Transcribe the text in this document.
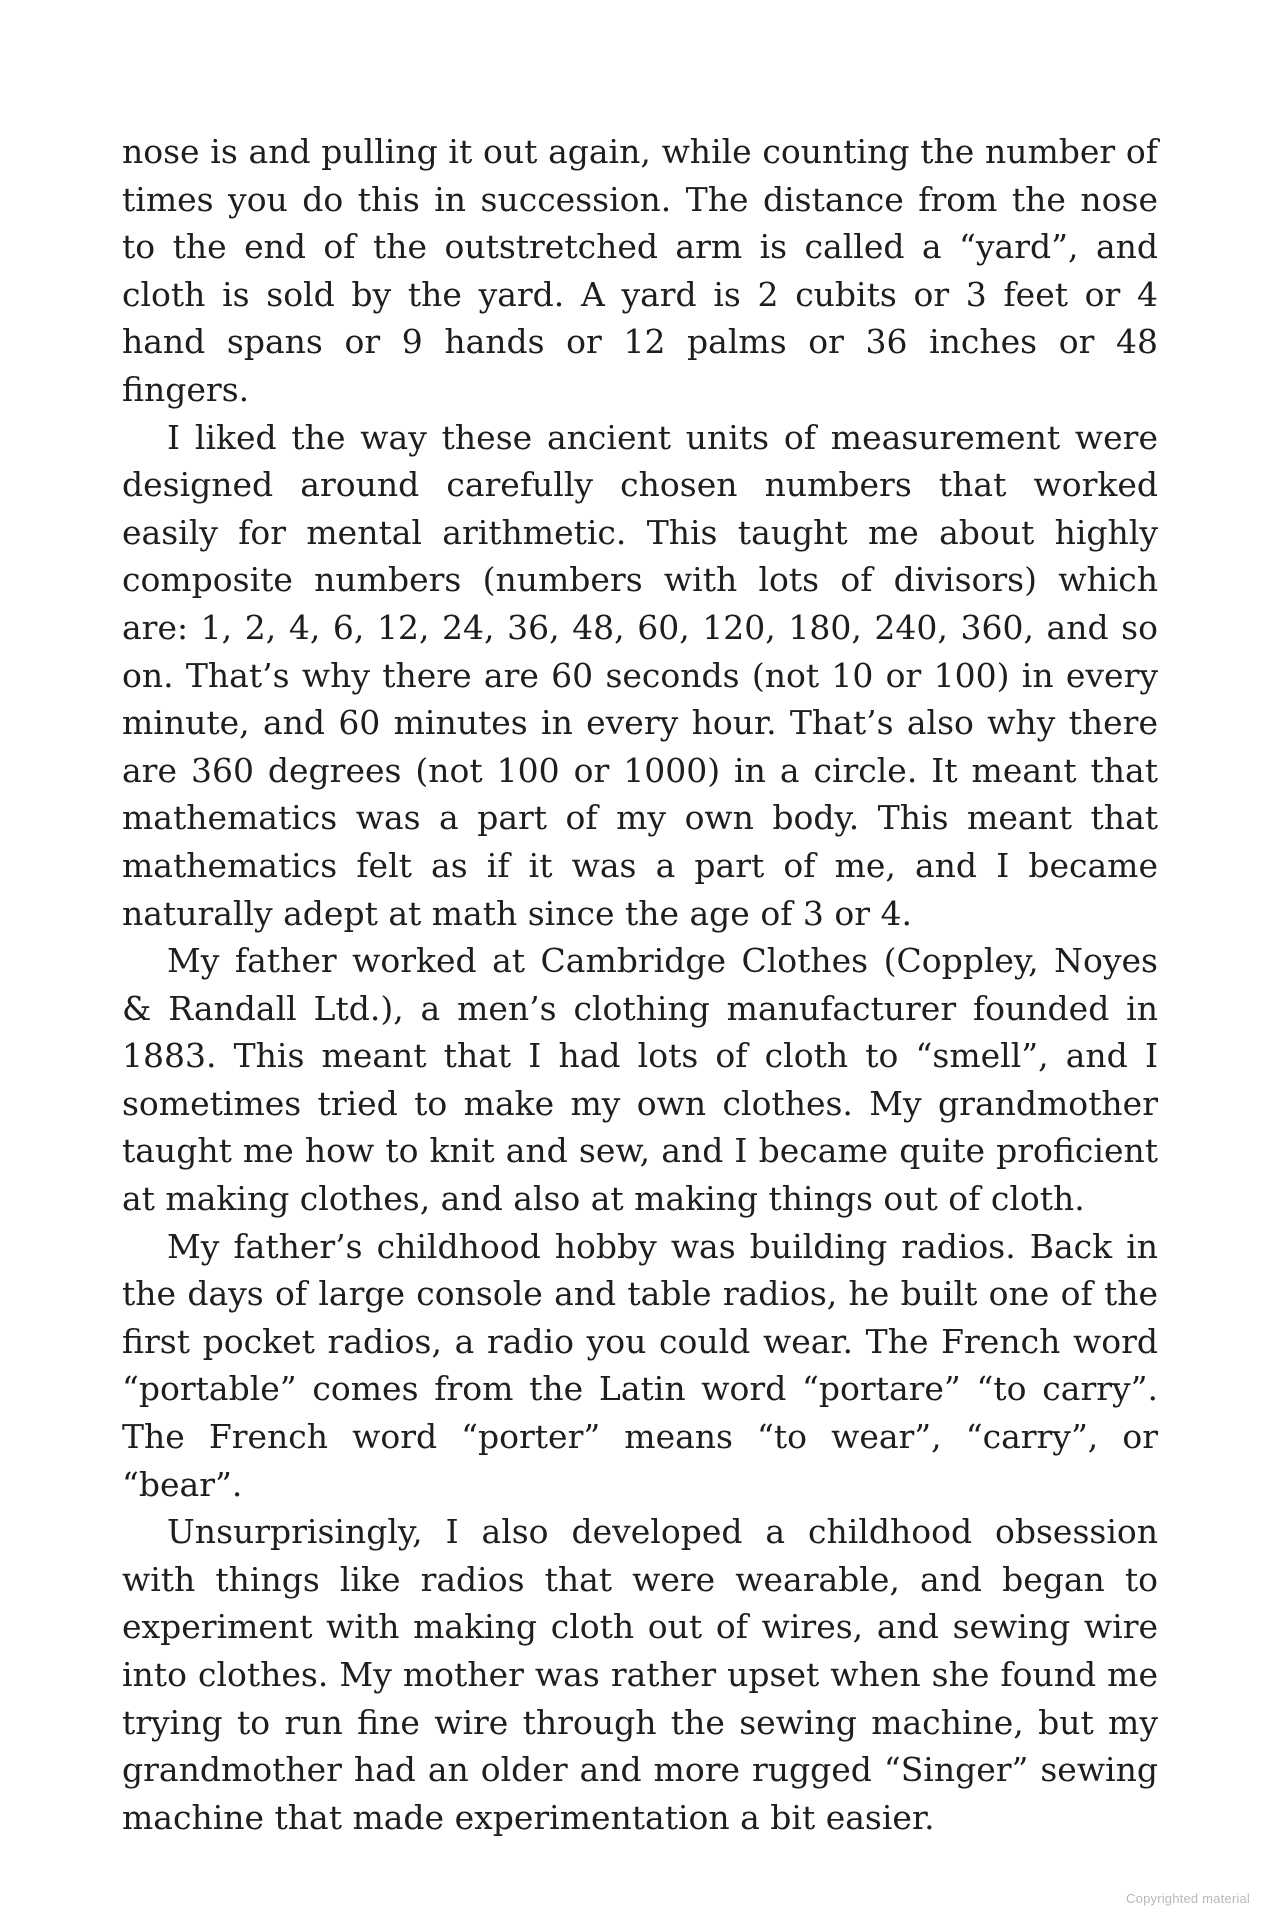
nose is and pulling it out again, while counting the number of times you do this in succession. The distance from the nose to the end of the outstretched arm is called a “yard”, and cloth is sold by the yard. A yard is 2 cubits or 3 feet or 4 hand spans or 9 hands or 12 palms or 36 inches or 48 fingers.

I liked the way these ancient units of measurement were designed around carefully chosen numbers that worked easily for mental arithmetic. This taught me about highly composite numbers (numbers with lots of divisors) which are: 1, 2, 4, 6, 12, 24, 36, 48, 60, 120, 180, 240, 360, and so on. That’s why there are 60 seconds (not 10 or 100) in every minute, and 60 minutes in every hour. That’s also why there are 360 degrees (not 100 or 1000) in a circle. It meant that mathematics was a part of my own body. This meant that mathematics felt as if it was a part of me, and I became naturally adept at math since the age of 3 or 4.

My father worked at Cambridge Clothes (Coppley, Noyes & Randall Ltd.), a men’s clothing manufacturer founded in 1883. This meant that I had lots of cloth to “smell”, and I sometimes tried to make my own clothes. My grandmother taught me how to knit and sew, and I became quite proficient at making clothes, and also at making things out of cloth.

My father’s childhood hobby was building radios. Back in the days of large console and table radios, he built one of the first pocket radios, a radio you could wear. The French word “portable” comes from the Latin word “portare” “to carry”. The French word “porter” means “to wear”, “carry”, or “bear”.

Unsurprisingly, I also developed a childhood obsession with things like radios that were wearable, and began to experiment with making cloth out of wires, and sewing wire into clothes. My mother was rather upset when she found me trying to run fine wire through the sewing machine, but my grandmother had an older and more rugged “Singer” sewing machine that made experimentation a bit easier.

Copyrighted material
